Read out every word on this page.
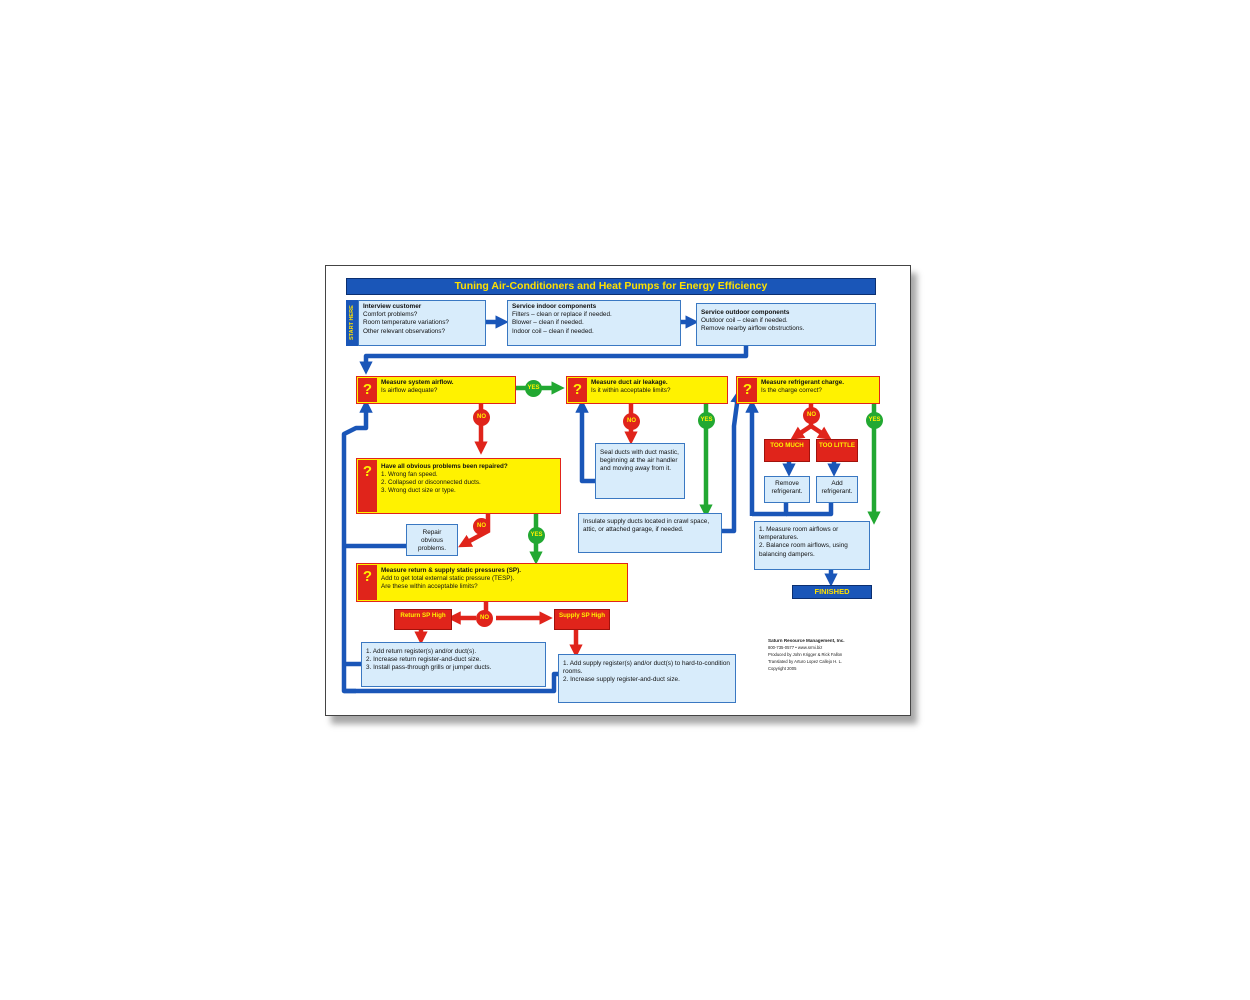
Tuning Air-Conditioners and Heat Pumps for Energy Efficiency
START HERE	Interview customer
Comfort problems?
Room temperature variations?
Other relevant observations?
Service indoor components
Filters – clean or replace if needed.
Blower – clean if needed.
Indoor coil – clean if needed.
Service outdoor components
Outdoor coil – clean if needed.
Remove nearby airflow obstructions.
?	Measure system airflow.
Is airflow adequate?	?	Measure duct air leakage.
Is it within acceptable limits?	?	Measure refrigerant charge.
Is the charge correct?
?	Have all obvious problems been repaired?
1. Wrong fan speed.
2. Collapsed or disconnected ducts.
3. Wrong duct size or type.
?	Measure return & supply static pressures (SP).
Add to get total external static pressure (TESP).
Are these within acceptable limits?
Seal ducts with duct mastic, beginning at the air handler and moving away from it.
Insulate supply ducts located in crawl space, attic, or attached garage, if needed.
Repair obvious problems.
Remove refrigerant.
Add refrigerant.
1. Measure room airflows or temperatures.
2. Balance room airflows, using balancing dampers.
1. Add return register(s) and/or duct(s).
2. Increase return register-and-duct size.
3. Install pass-through grills or jumper ducts.
1. Add supply register(s) and/or duct(s) to hard-to-condition rooms.
2. Increase supply register-and-duct size.
TOO MUCH	TOO LITTLE
Return SP High	Supply SP High
YES
NO
NO	YES
NO
YES
NO
YES
NO
FINISHED
Saturn Resource Management, Inc.
800-735-0577 • www.srmi.biz
Produced by John Krigger & Rick Fallon
Translated by Arturo Lopez Callejo H. L.
Copyright 2005
